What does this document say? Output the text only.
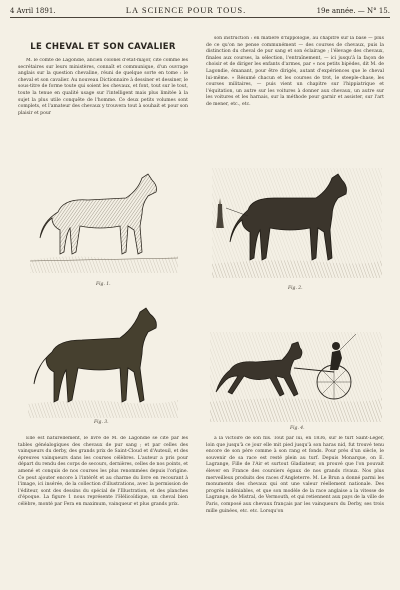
4 Avril 1891.	LA SCIENCE POUR TOUS.	19e année. — N° 15.
LE CHEVAL ET SON CAVALIER

M. le comte de Lagondie, ancien colonel d'état-major, cité comme les secrétaires sur leurs ministères, connaît et communique, d'un ouvrage anglais sur la question chevaline, réuni de quelque sorte en tome : le cheval et son cavalier. Au nouveau Dictionnaire à dessiner et dessiner, le sous-titre de forme toute qui soient les chevaux, et font, tout sur le tout, toute la tenue en qualité usage sur l'intelligent mais plus limitée à la sujet la plus utile conquête de l'homme. Ce deux petits volumes sont complets, et l'amateur des chevaux y trouvera tout à souhait et pour son plaisir et pour

son instruction : en matière d'hippologie, au chapitre sur la base — plus de ce qu'on ne pense communément — des courses de chevaux, puis la distinction du cheval de pur sang et son éclairage ; l'élevage des chevaux, finales aux courses, la sélection, l'entraînement, — ici jusqu'à la façon de choisir et de diriger les enfants d'armes, par « nos petits bipèdes, dit M. de Lagondie, émanant, pour être dirigés, autant d'expériences que le cheval lui-même. » Résumé chacun et les courses de trot, le steeple-chase, les courses militaires, — puis vient un chapitre sur l'hippiatrique et l'équitation, un autre sur les voitures à donner aux chevaux, un autre sur les voitures et les harnais, sur la méthode pour garnir et assister, sur l'art de mener, etc., etc.

Fig. 1.
Fig. 2.
Fig. 3.
Fig. 4.

Elle est naturellement, le livre de M. de Lagondie se cite par les tables généalogiques des chevaux de pur sang ; et par celles des vainqueurs du derby, des grands prix de Saint-Cloud et d'Auteuil, et des épreuves vainqueurs dans les courses célèbres. L'auteur a pris pour départ du rendu des corps de secours, dernières, celles de nos points, et amené et conquis de nos courses les plus renommées depuis l'origine. Ce peut ajouter encore à l'intérêt et au charme du livre en recourant à l'image, ici insérée, de la collection d'illustrations, avec la permission de l'éditeur, sont des dessins du spécial de l'Illustration, et des planches d'époque. La figure 1 nous représente l'Hélicoïdique, un cheval bien célèbre, monté par Fera en maximum, vainqueur et plus grands prix.

à la victoire de son fils. Tout par lui, en 1836, sur le turf Saint-Léger, loin que jusqu'à ce jour elle mit pied jusqu'à son haras nid, fut trouvé tenu encore de son père comme à son rang et fonds. Pour près d'un siècle, le souvenir de sa race est resté plein au turf. Depuis Monarque, on E. Lagrange, Fille de l'Air et surtout Gladiateur, on prouvé que l'on pouvait élever en France des coursiers égaux de nos grands rivaux. Nos plus merveilleux produits des races d'Angleterre. M. Le Brun a donné parmi les monuments des chevaux qui ont une valeur réellement nationale. Des progrès indéniables, et que son modèle de la race anglaise a la vitesse de Lagrange, de Mistral, de Vermouth, et qui retiennent aux pays de la ville de Paris, composé aux chevaux français par les vainqueurs du Derby, ses trois mille guinées, etc. etc. Lorsqu'on
